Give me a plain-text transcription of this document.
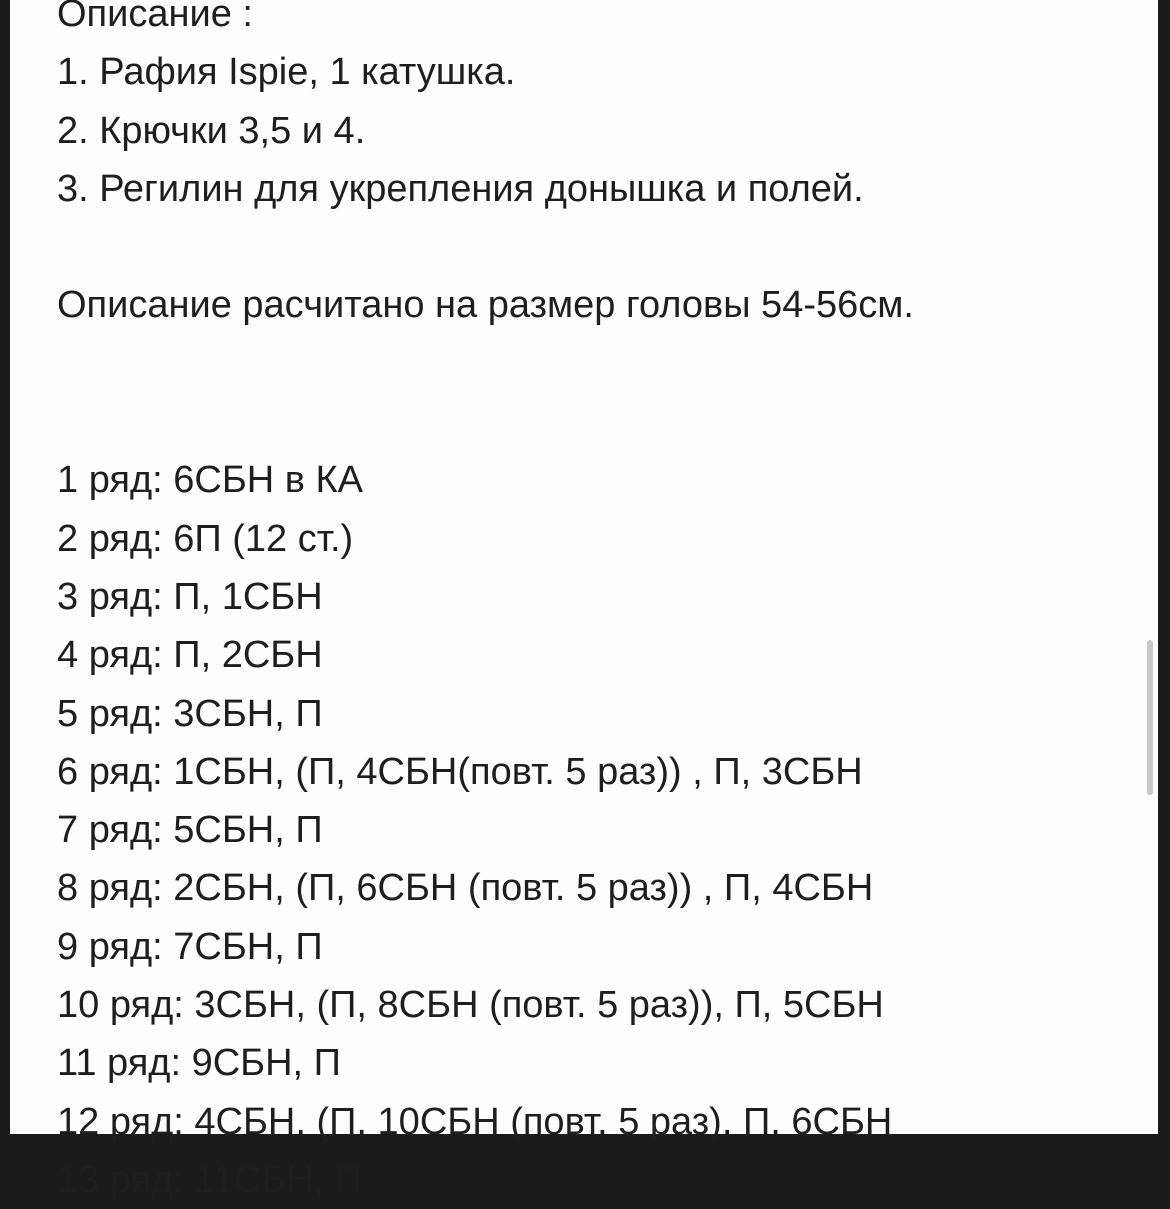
Описание :
1. Рафия Ispie, 1 катушка.
2. Крючки 3,5 и 4.
3. Регилин для укрепления донышка и полей.
Описание расчитано на размер головы 54-56см.
1 ряд: 6СБН в КА
2 ряд: 6П (12 ст.)
3 ряд: П, 1СБН
4 ряд: П, 2СБН
5 ряд: 3СБН, П
6 ряд: 1СБН, (П, 4СБН(повт. 5 раз)) , П, 3СБН
7 ряд: 5СБН, П
8 ряд: 2СБН, (П, 6СБН (повт. 5 раз)) , П, 4СБН
9 ряд: 7СБН, П
10 ряд: 3СБН, (П, 8СБН (повт. 5 раз)), П, 5СБН
11 ряд: 9СБН, П
12 ряд: 4СБН, (П, 10СБН (повт. 5 раз), П, 6СБН
13 ряд: 11СБН, П
